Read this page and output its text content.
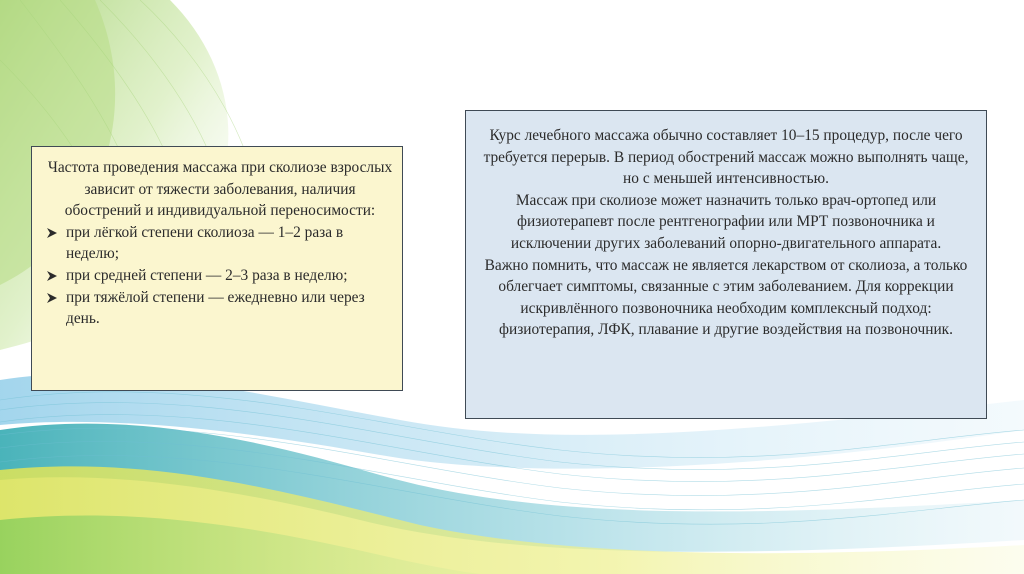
Частота проведения массажа при сколиозе взрослых зависит от тяжести заболевания, наличия обострений и индивидуальной переносимости:

при лёгкой степени сколиоза — 1–2 раза в неделю;
при средней степени — 2–3 раза в неделю;
при тяжёлой степени — ежедневно или через день.

Курс лечебного массажа обычно составляет 10–15 процедур, после чего требуется перерыв. В период обострений массаж можно выполнять чаще, но с меньшей интенсивностью.

Массаж при сколиозе может назначить только врач-ортопед или физиотерапевт после рентгенографии или МРТ позвоночника и исключении других заболеваний опорно-двигательного аппарата.

Важно помнить, что массаж не является лекарством от сколиоза, а только облегчает симптомы, связанные с этим заболеванием. Для коррекции искривлённого позвоночника необходим комплексный подход: физиотерапия, ЛФК, плавание и другие воздействия на позвоночник.
